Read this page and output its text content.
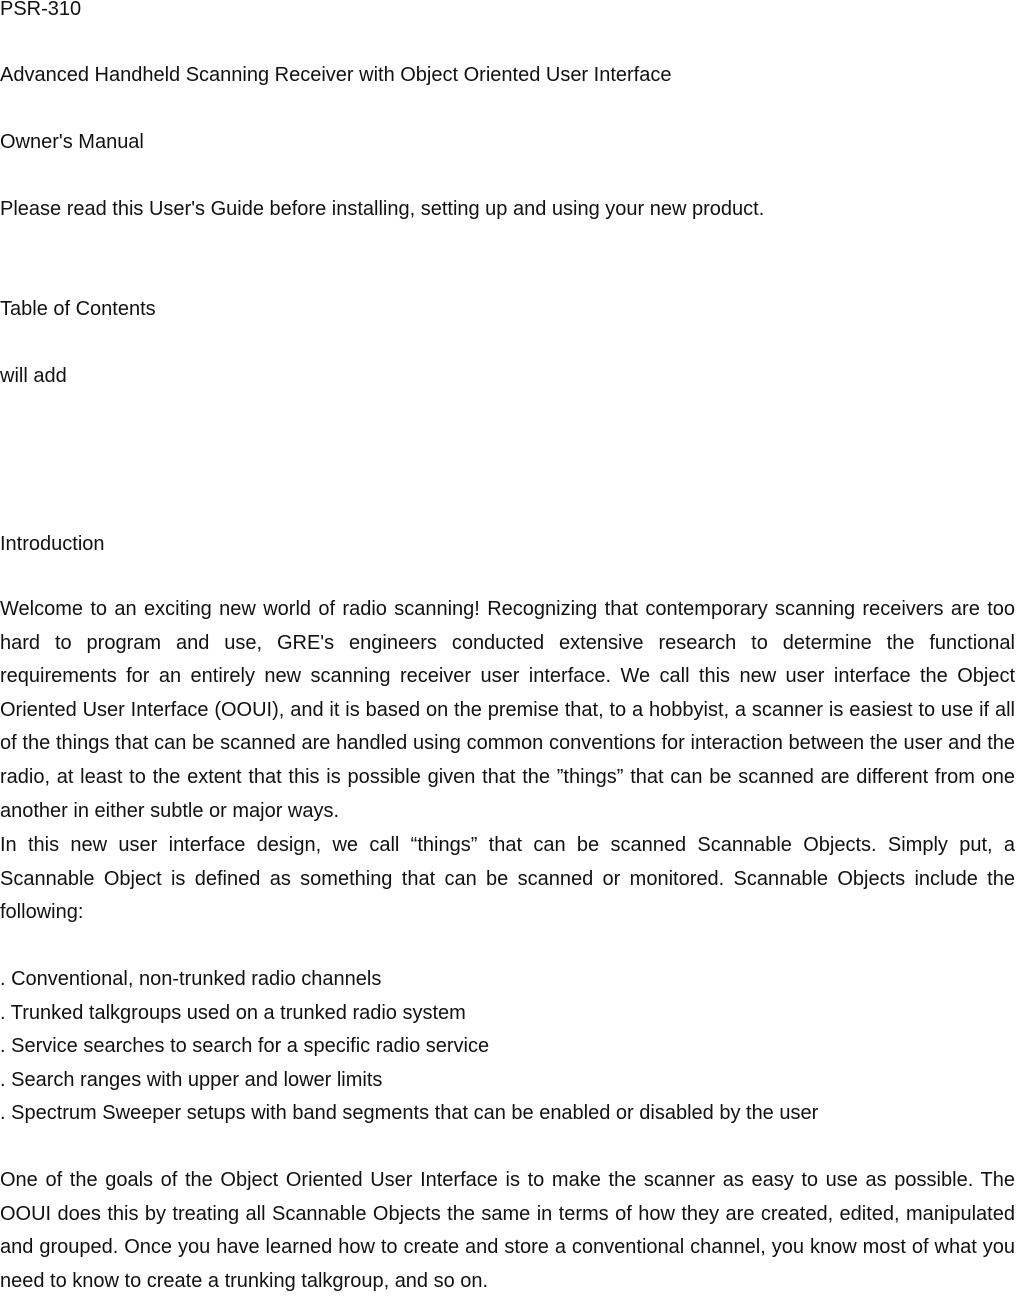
PSR-310

Advanced Handheld Scanning Receiver with Object Oriented User Interface

Owner's Manual

Please read this User's Guide before installing, setting up and using your new product.

Table of Contents

will add

Introduction

Welcome to an exciting new world of radio scanning! Recognizing that contemporary scanning receivers are too hard to program and use, GRE's engineers conducted extensive research to determine the functional requirements for an entirely new scanning receiver user interface. We call this new user interface the Object Oriented User Interface (OOUI), and it is based on the premise that, to a hobbyist, a scanner is easiest to use if all of the things that can be scanned are handled using common conventions for interaction between the user and the radio, at least to the extent that this is possible given that the ”things” that can be scanned are different from one another in either subtle or major ways.

In this new user interface design, we call “things” that can be scanned Scannable Objects. Simply put, a Scannable Object is defined as something that can be scanned or monitored. Scannable Objects include the following:

. Conventional, non-trunked radio channels
. Trunked talkgroups used on a trunked radio system
. Service searches to search for a specific radio service
. Search ranges with upper and lower limits
. Spectrum Sweeper setups with band segments that can be enabled or disabled by the user

One of the goals of the Object Oriented User Interface is to make the scanner as easy to use as possible. The OOUI does this by treating all Scannable Objects the same in terms of how they are created, edited, manipulated and grouped. Once you have learned how to create and store a conventional channel, you know most of what you need to know to create a trunking talkgroup, and so on.
